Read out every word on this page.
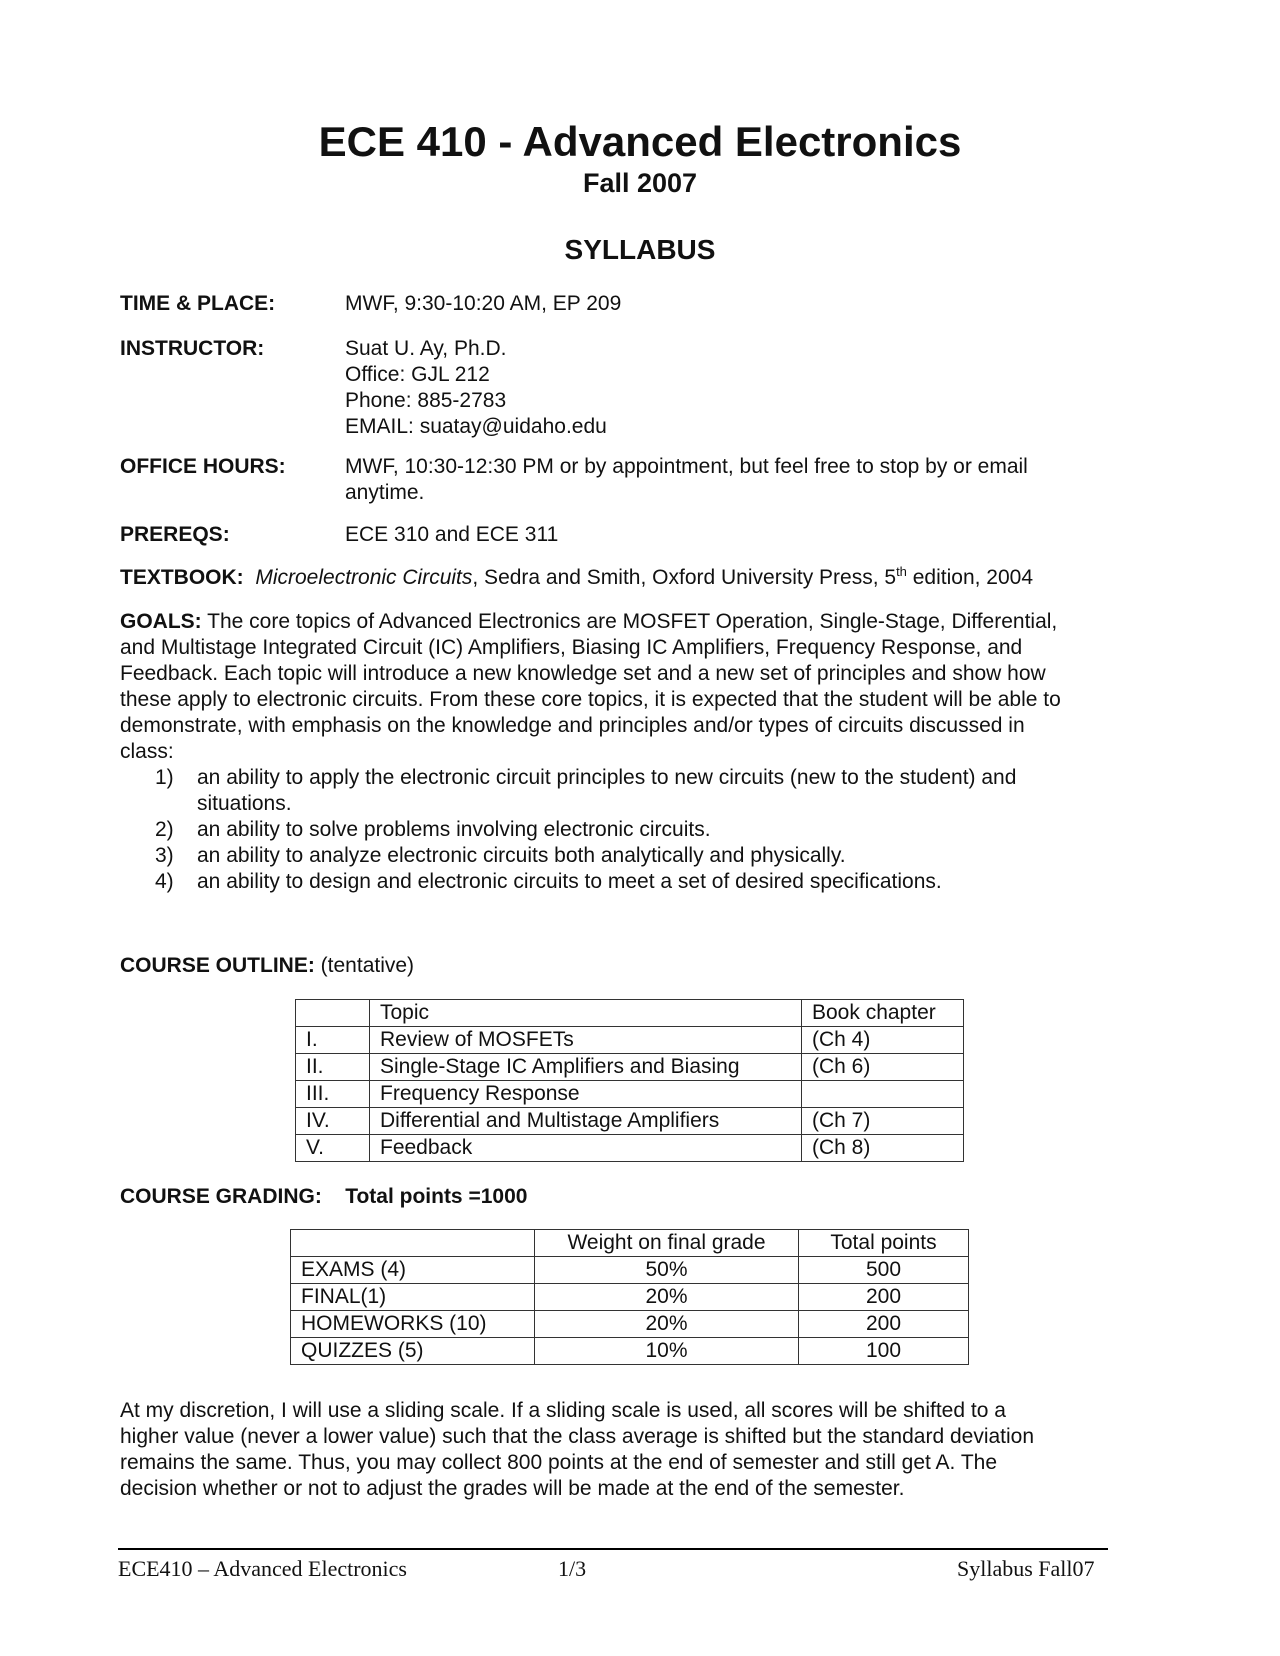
ECE 410 - Advanced Electronics
Fall 2007
SYLLABUS
TIME & PLACE:	MWF, 9:30-10:20 AM, EP 209
INSTRUCTOR:	Suat U. Ay, Ph.D.
Office: GJL 212
Phone: 885-2783
EMAIL: suatay@uidaho.edu
OFFICE HOURS:	MWF, 10:30-12:30 PM or by appointment, but feel free to stop by or email
anytime.
PREREQS:	ECE 310 and ECE 311
TEXTBOOK: Microelectronic Circuits, Sedra and Smith, Oxford University Press, 5th edition, 2004
GOALS: The core topics of Advanced Electronics are MOSFET Operation, Single-Stage, Differential,
and Multistage Integrated Circuit (IC) Amplifiers, Biasing IC Amplifiers, Frequency Response, and
Feedback. Each topic will introduce a new knowledge set and a new set of principles and show how
these apply to electronic circuits. From these core topics, it is expected that the student will be able to
demonstrate, with emphasis on the knowledge and principles and/or types of circuits discussed in
class:
1)	an ability to apply the electronic circuit principles to new circuits (new to the student) and
situations.
2)	an ability to solve problems involving electronic circuits.
3)	an ability to analyze electronic circuits both analytically and physically.
4)	an ability to design and electronic circuits to meet a set of desired specifications.
COURSE OUTLINE: (tentative)
	Topic	Book chapter
I.	Review of MOSFETs	(Ch 4)
II.	Single-Stage IC Amplifiers and Biasing	(Ch 6)
III.	Frequency Response	
IV.	Differential and Multistage Amplifiers	(Ch 7)
V.	Feedback	(Ch 8)
COURSE GRADING: Total points =1000
	Weight on final grade	Total points
EXAMS (4)	50%	500
FINAL(1)	20%	200
HOMEWORKS (10)	20%	200
QUIZZES (5)	10%	100
At my discretion, I will use a sliding scale. If a sliding scale is used, all scores will be shifted to a
higher value (never a lower value) such that the class average is shifted but the standard deviation
remains the same. Thus, you may collect 800 points at the end of semester and still get A. The
decision whether or not to adjust the grades will be made at the end of the semester.
ECE410 – Advanced Electronics	1/3	Syllabus Fall07
